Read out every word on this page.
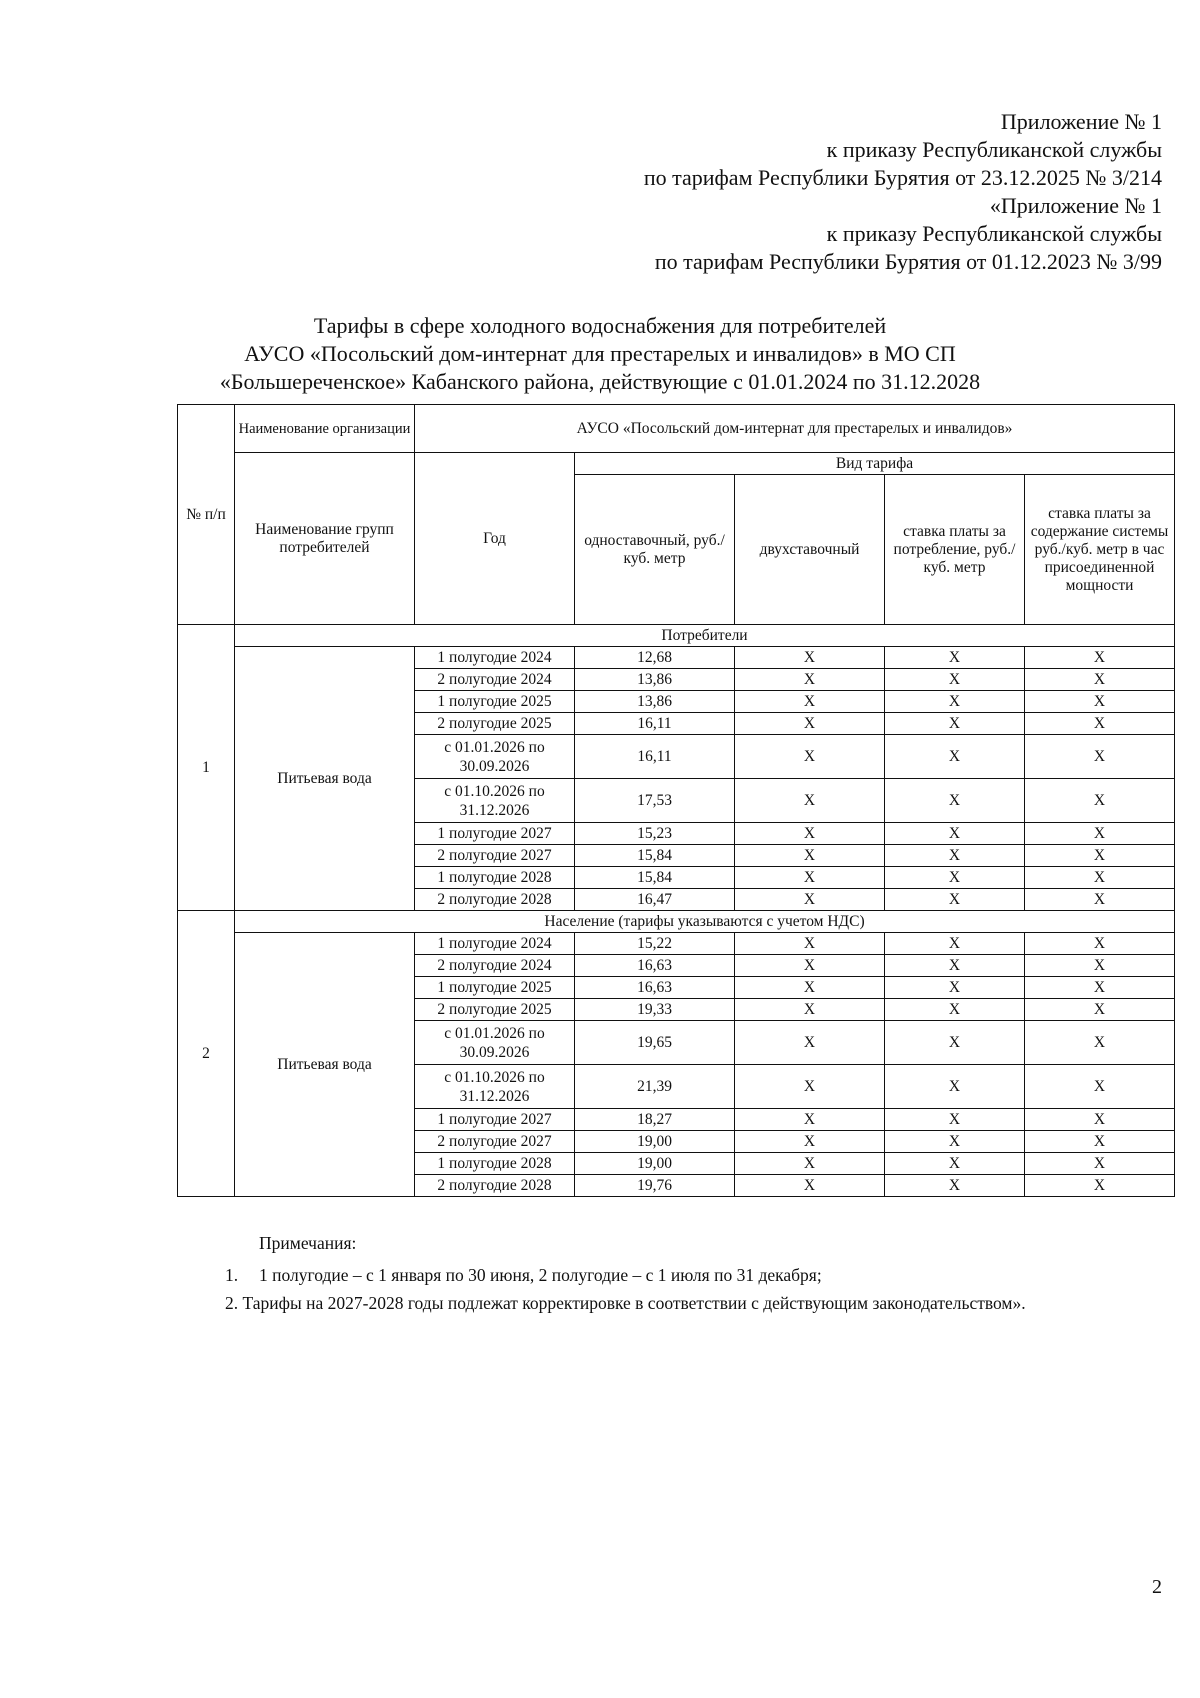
Приложение № 1
к приказу Республиканской службы
по тарифам Республики Бурятия от 23.12.2025 № 3/214
«Приложение № 1
к приказу Республиканской службы
по тарифам Республики Бурятия от 01.12.2023 № 3/99
Тарифы в сфере холодного водоснабжения для потребителей
АУСО «Посольский дом-интернат для престарелых и инвалидов» в МО СП
«Большереченское» Кабанского района, действующие с 01.01.2024 по 31.12.2028
№ п/п	Наименование организации	АУСО «Посольский дом-интернат для престарелых и инвалидов»				
	Наименование групп потребителей	Год	Вид тарифа			
			одноставочный, руб./ куб. метр	двухставочный	ставка платы за потребление, руб./ куб. метр	ставка платы за содержание системы руб./куб. метр в час присоединенной мощности
1	Потребители					
	Питьевая вода	1 полугодие 2024	12,68	X	X	X
		2 полугодие 2024	13,86	X	X	X
		1 полугодие 2025	13,86	X	X	X
		2 полугодие 2025	16,11	X	X	X
		с 01.01.2026 по 30.09.2026	16,11	X	X	X
		с 01.10.2026 по 31.12.2026	17,53	X	X	X
		1 полугодие 2027	15,23	X	X	X
		2 полугодие 2027	15,84	X	X	X
		1 полугодие 2028	15,84	X	X	X
		2 полугодие 2028	16,47	X	X	X
2	Население (тарифы указываются с учетом НДС)					
	Питьевая вода	1 полугодие 2024	15,22	X	X	X
		2 полугодие 2024	16,63	X	X	X
		1 полугодие 2025	16,63	X	X	X
		2 полугодие 2025	19,33	X	X	X
		с 01.01.2026 по 30.09.2026	19,65	X	X	X
		с 01.10.2026 по 31.12.2026	21,39	X	X	X
		1 полугодие 2027	18,27	X	X	X
		2 полугодие 2027	19,00	X	X	X
		1 полугодие 2028	19,00	X	X	X
		2 полугодие 2028	19,76	X	X	X
Примечания:
1. 1 полугодие – с 1 января по 30 июня, 2 полугодие – с 1 июля по 31 декабря;
2. Тарифы на 2027-2028 годы подлежат корректировке в соответствии с действующим законодательством».
2
